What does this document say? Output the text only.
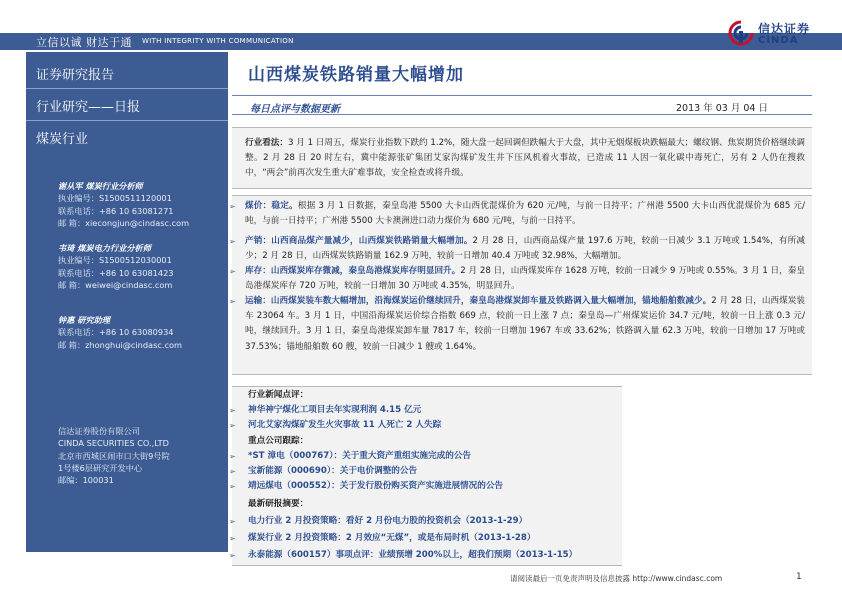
立信以诚 财达于通 WITH INTEGRITY WITH COMMUNICATION
信达证券
CINDA
证券研究报告
行业研究——日报
煤炭行业
谢从军 煤炭行业分析师
执业编号：S1500511120001
联系电话：+86 10 63081271
邮 箱：xiecongjun@cindasc.com
韦琦 煤炭电力行业分析师
执业编号：S1500512030001
联系电话：+86 10 63081423
邮 箱：weiwei@cindasc.com
钟惠 研究助理
联系电话：+86 10 63080934
邮 箱：zhonghui@cindasc.com
信达证券股份有限公司
CINDA SECURITIES CO.,LTD
北京市西城区闹市口大街9号院
1号楼6层研究开发中心
邮编：100031
山西煤炭铁路销量大幅增加
每日点评与数据更新	2013 年 03 月 04 日
行业看法：3 月 1 日周五，煤炭行业指数下跌约 1.2%，随大盘一起回调但跌幅大于大盘，其中无烟煤板块跌幅最大；螺纹钢、焦炭期货价格继续调整。2 月 28 日 20 时左右，冀中能源张矿集团艾家沟煤矿发生井下压风机着火事故，已造成 11 人因一氧化碳中毒死亡，另有 2 人仍在搜救中，“两会”前再次发生重大矿难事故，安全检查或将升级。
➢ 煤价：稳定。根据 3 月 1 日数据，秦皇岛港 5500 大卡山西优混煤价为 620 元/吨，与前一日持平；广州港 5500 大卡山西优混煤价为 685 元/吨，与前一日持平；广州港 5500 大卡澳洲进口动力煤价为 680 元/吨，与前一日持平。
➢ 产销：山西商品煤产量减少，山西煤炭铁路销量大幅增加。2 月 28 日，山西商品煤产量 197.6 万吨，较前一日减少 3.1 万吨或 1.54%，有所减少；2 月 28 日，山西煤炭铁路销量 162.9 万吨，较前一日增加 40.4 万吨或 32.98%，大幅增加。
➢ 库存：山西煤炭库存微减，秦皇岛港煤炭库存明显回升。2 月 28 日，山西煤炭库存 1628 万吨，较前一日减少 9 万吨或 0.55%。3 月 1 日，秦皇岛港煤炭库存 720 万吨，较前一日增加 30 万吨或 4.35%，明显回升。
➢ 运输：山西煤炭装车数大幅增加，沿海煤炭运价继续回升，秦皇岛港煤炭卸车量及铁路调入量大幅增加，锚地船舶数减少。2 月 28 日，山西煤炭装车 23064 车。3 月 1 日，中国沿海煤炭运价综合指数 669 点，较前一日上涨 7 点；秦皇岛—广州煤炭运价 34.7 元/吨，较前一日上涨 0.3 元/吨，继续回升。3 月 1 日，秦皇岛港煤炭卸车量 7817 车，较前一日增加 1967 车或 33.62%；铁路调入量 62.3 万吨，较前一日增加 17 万吨或 37.53%；锚地船舶数 60 艘，较前一日减少 1 艘或 1.64%。
行业新闻点评：
➢	神华神宁煤化工项目去年实现利润 4.15 亿元
➢	河北艾家沟煤矿发生火灾事故 11 人死亡 2 人失踪
重点公司跟踪：
➢	*ST 漳电（000767）：关于重大资产重组实施完成的公告
➢	宝新能源（000690）：关于电价调整的公告
➢	靖远煤电（000552）：关于发行股份购买资产实施进展情况的公告
最新研报摘要：
➢	电力行业 2 月投资策略：看好 2 月份电力股的投资机会（2013-1-29）
➢	煤炭行业 2 月投资策略：2 月效应“无煤”，或是布局时机（2013-1-28）
➢	永泰能源（600157）事项点评：业绩预增 200%以上，超我们预期（2013-1-15）
请阅读最后一页免责声明及信息披露 http://www.cindasc.com	1
